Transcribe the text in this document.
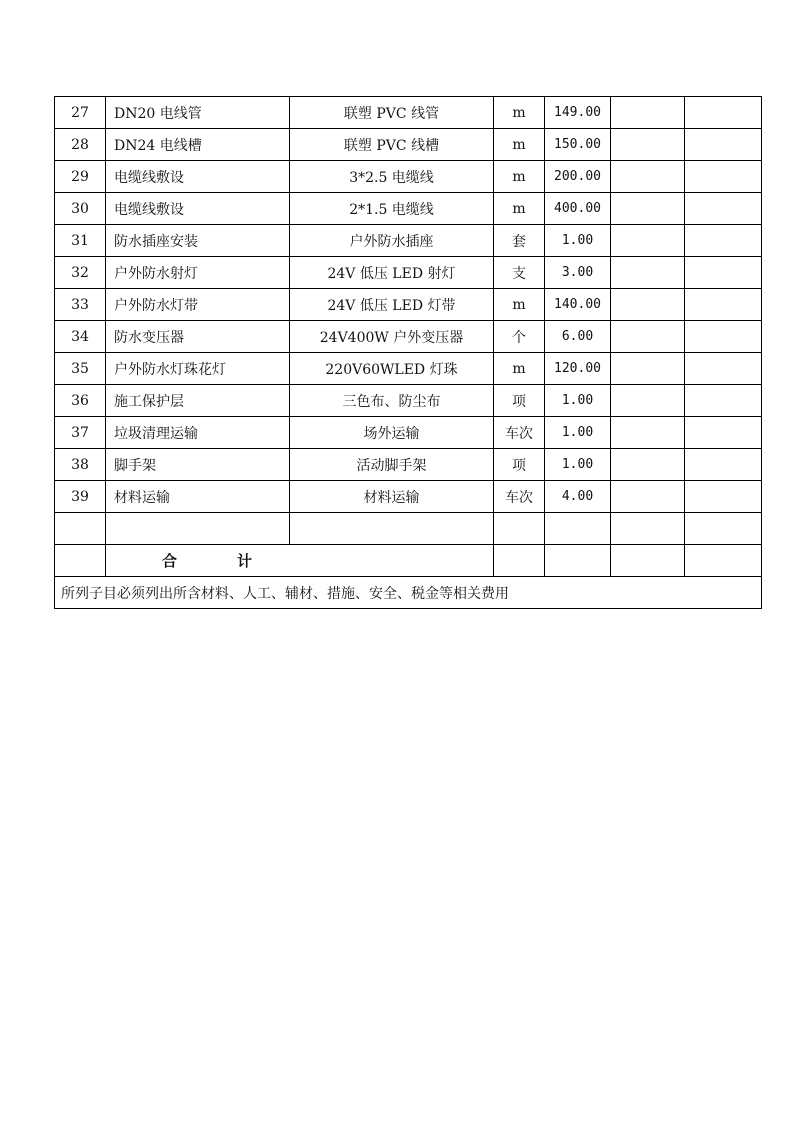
27	DN20 电线管	联塑 PVC 线管	m	149.00		
28	DN24 电线槽	联塑 PVC 线槽	m	150.00		
29	电缆线敷设	3*2.5 电缆线	m	200.00		
30	电缆线敷设	2*1.5 电缆线	m	400.00		
31	防水插座安装	户外防水插座	套	1.00		
32	户外防水射灯	24V 低压 LED 射灯	支	3.00		
33	户外防水灯带	24V 低压 LED 灯带	m	140.00		
34	防水变压器	24V400W 户外变压器	个	6.00		
35	户外防水灯珠花灯	220V60WLED 灯珠	m	120.00		
36	施工保护层	三色布、防尘布	项	1.00		
37	垃圾清理运输	场外运输	车次	1.00		
38	脚手架	活动脚手架	项	1.00		
39	材料运输	材料运输	车次	4.00		

	合 计					
所列子目必须列出所含材料、人工、辅材、措施、安全、税金等相关费用						
